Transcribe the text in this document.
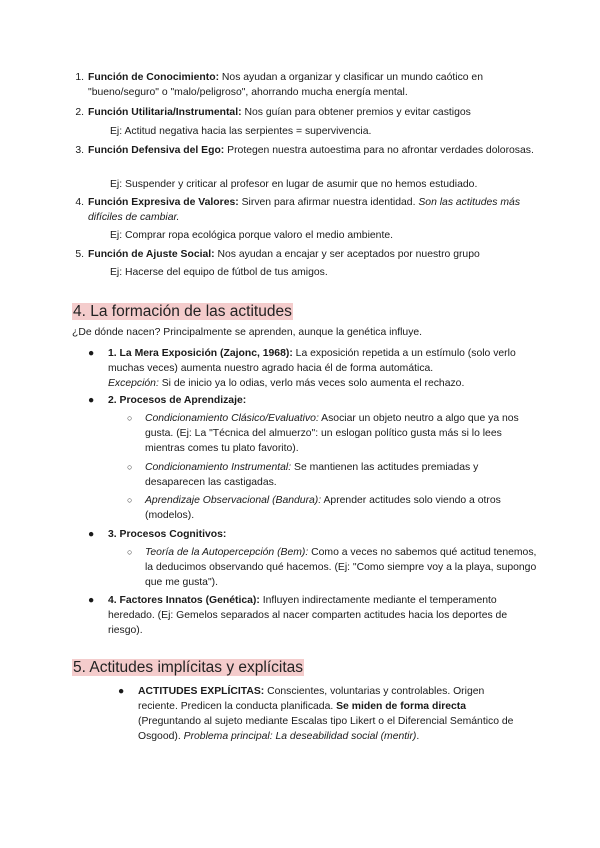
1. Función de Conocimiento: Nos ayudan a organizar y clasificar un mundo caótico en "bueno/seguro" o "malo/peligroso", ahorrando mucha energía mental.
2. Función Utilitaria/Instrumental: Nos guían para obtener premios y evitar castigos
Ej: Actitud negativa hacia las serpientes = supervivencia.
3. Función Defensiva del Ego: Protegen nuestra autoestima para no afrontar verdades dolorosas.
Ej: Suspender y criticar al profesor en lugar de asumir que no hemos estudiado.
4. Función Expresiva de Valores: Sirven para afirmar nuestra identidad. Son las actitudes más difíciles de cambiar.
Ej: Comprar ropa ecológica porque valoro el medio ambiente.
5. Función de Ajuste Social: Nos ayudan a encajar y ser aceptados por nuestro grupo
Ej: Hacerse del equipo de fútbol de tus amigos.
4. La formación de las actitudes
¿De dónde nacen? Principalmente se aprenden, aunque la genética influye.
● 1. La Mera Exposición (Zajonc, 1968): La exposición repetida a un estímulo (solo verlo muchas veces) aumenta nuestro agrado hacia él de forma automática.
Excepción: Si de inicio ya lo odias, verlo más veces solo aumenta el rechazo.
● 2. Procesos de Aprendizaje:
○ Condicionamiento Clásico/Evaluativo: Asociar un objeto neutro a algo que ya nos gusta. (Ej: La "Técnica del almuerzo": un eslogan político gusta más si lo lees mientras comes tu plato favorito).
○ Condicionamiento Instrumental: Se mantienen las actitudes premiadas y desaparecen las castigadas.
○ Aprendizaje Observacional (Bandura): Aprender actitudes solo viendo a otros (modelos).
● 3. Procesos Cognitivos:
○ Teoría de la Autopercepción (Bem): Como a veces no sabemos qué actitud tenemos, la deducimos observando qué hacemos. (Ej: "Como siempre voy a la playa, supongo que me gusta").
● 4. Factores Innatos (Genética): Influyen indirectamente mediante el temperamento heredado. (Ej: Gemelos separados al nacer comparten actitudes hacia los deportes de riesgo).
5. Actitudes implícitas y explícitas
● ACTITUDES EXPLÍCITAS: Conscientes, voluntarias y controlables. Origen reciente. Predicen la conducta planificada. Se miden de forma directa (Preguntando al sujeto mediante Escalas tipo Likert o el Diferencial Semántico de Osgood). Problema principal: La deseabilidad social (mentir).
